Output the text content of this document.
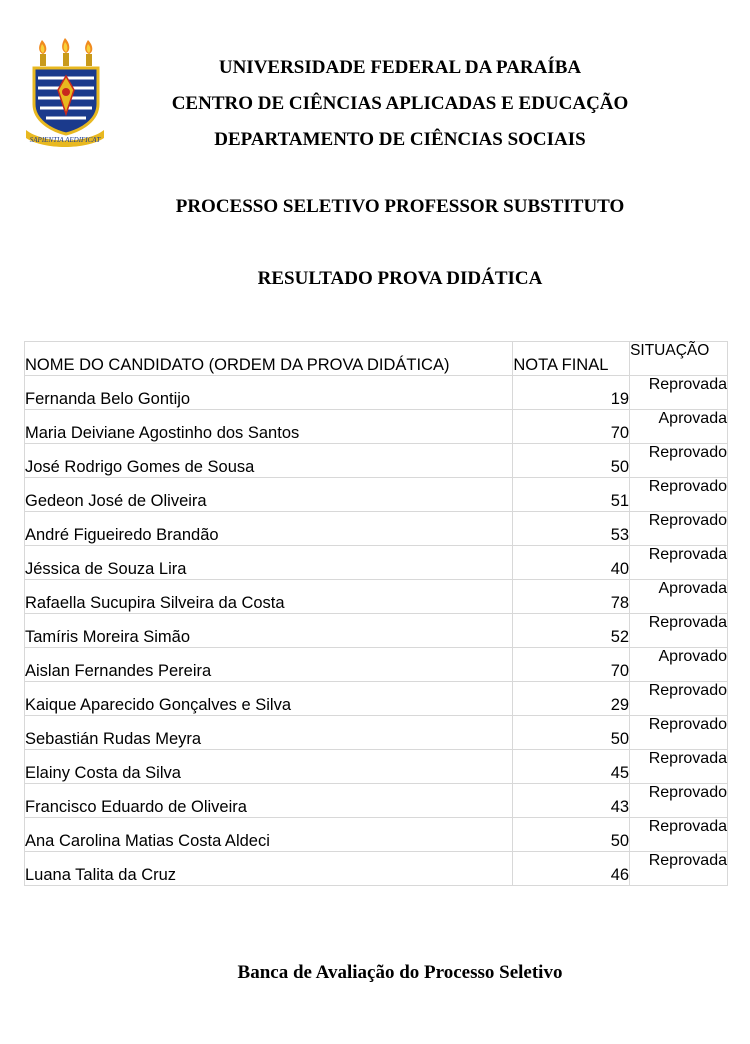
SAPIENTIA AEDIFICAT
UNIVERSIDADE FEDERAL DA PARAÍBA
CENTRO DE CIÊNCIAS APLICADAS E EDUCAÇÃO
DEPARTAMENTO DE CIÊNCIAS SOCIAIS
PROCESSO SELETIVO PROFESSOR SUBSTITUTO
RESULTADO PROVA DIDÁTICA
NOME DO CANDIDATO (ORDEM DA PROVA DIDÁTICA)	NOTA FINAL	SITUAÇÃO
Fernanda Belo Gontijo	19	Reprovada
Maria Deiviane Agostinho dos Santos	70	Aprovada
José Rodrigo Gomes de Sousa	50	Reprovado
Gedeon José de Oliveira	51	Reprovado
André Figueiredo Brandão	53	Reprovado
Jéssica de Souza Lira	40	Reprovada
Rafaella Sucupira Silveira da Costa	78	Aprovada
Tamíris Moreira Simão	52	Reprovada
Aislan Fernandes Pereira	70	Aprovado
Kaique Aparecido Gonçalves e Silva	29	Reprovado
Sebastián Rudas Meyra	50	Reprovado
Elainy Costa da Silva	45	Reprovada
Francisco Eduardo de Oliveira	43	Reprovado
Ana Carolina Matias Costa Aldeci	50	Reprovada
Luana Talita da Cruz	46	Reprovada
Banca de Avaliação do Processo Seletivo
